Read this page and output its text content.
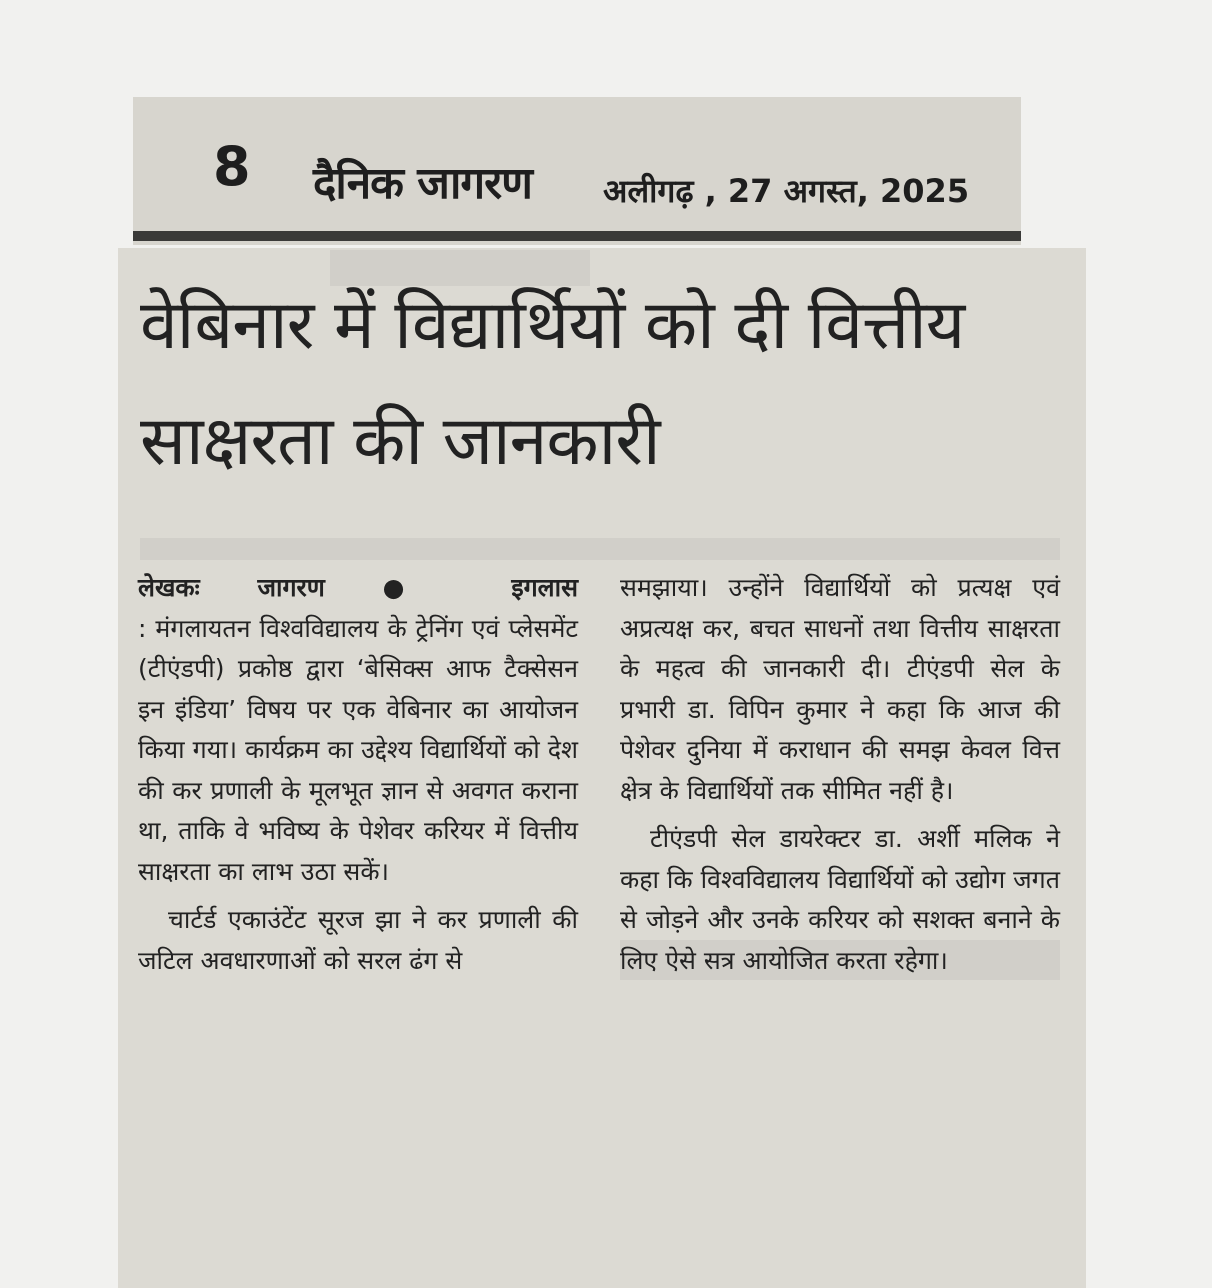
8 दैनिक जागरण अलीगढ़ , 27 अगस्त, 2025
वेबिनार में विद्यार्थियों को दी वित्तीय साक्षरता की जानकारी
लेखकः जागरण ● इगलास

: मंगलायतन विश्वविद्यालय के ट्रेनिंग एवं प्लेसमेंट (टीएंडपी) प्रकोष्ठ द्वारा ‘बेसिक्स आफ टैक्सेसन इन इंडिया’ विषय पर एक वेबिनार का आयोजन किया गया। कार्यक्रम का उद्देश्य विद्यार्थियों को देश की कर प्रणाली के मूलभूत ज्ञान से अवगत कराना था, ताकि वे भविष्य के पेशेवर करियर में वित्तीय साक्षरता का लाभ उठा सकें।

चार्टर्ड एकाउंटेंट सूरज झा ने कर प्रणाली की जटिल अवधारणाओं को सरल ढंग से

समझाया। उन्होंने विद्यार्थियों को प्रत्यक्ष एवं अप्रत्यक्ष कर, बचत साधनों तथा वित्तीय साक्षरता के महत्व की जानकारी दी। टीएंडपी सेल के प्रभारी डा. विपिन कुमार ने कहा कि आज की पेशेवर दुनिया में कराधान की समझ केवल वित्त क्षेत्र के विद्यार्थियों तक सीमित नहीं है।

टीएंडपी सेल डायरेक्टर डा. अर्शी मलिक ने कहा कि विश्वविद्यालय विद्यार्थियों को उद्योग जगत से जोड़ने और उनके करियर को सशक्त बनाने के लिए ऐसे सत्र आयोजित करता रहेगा।
